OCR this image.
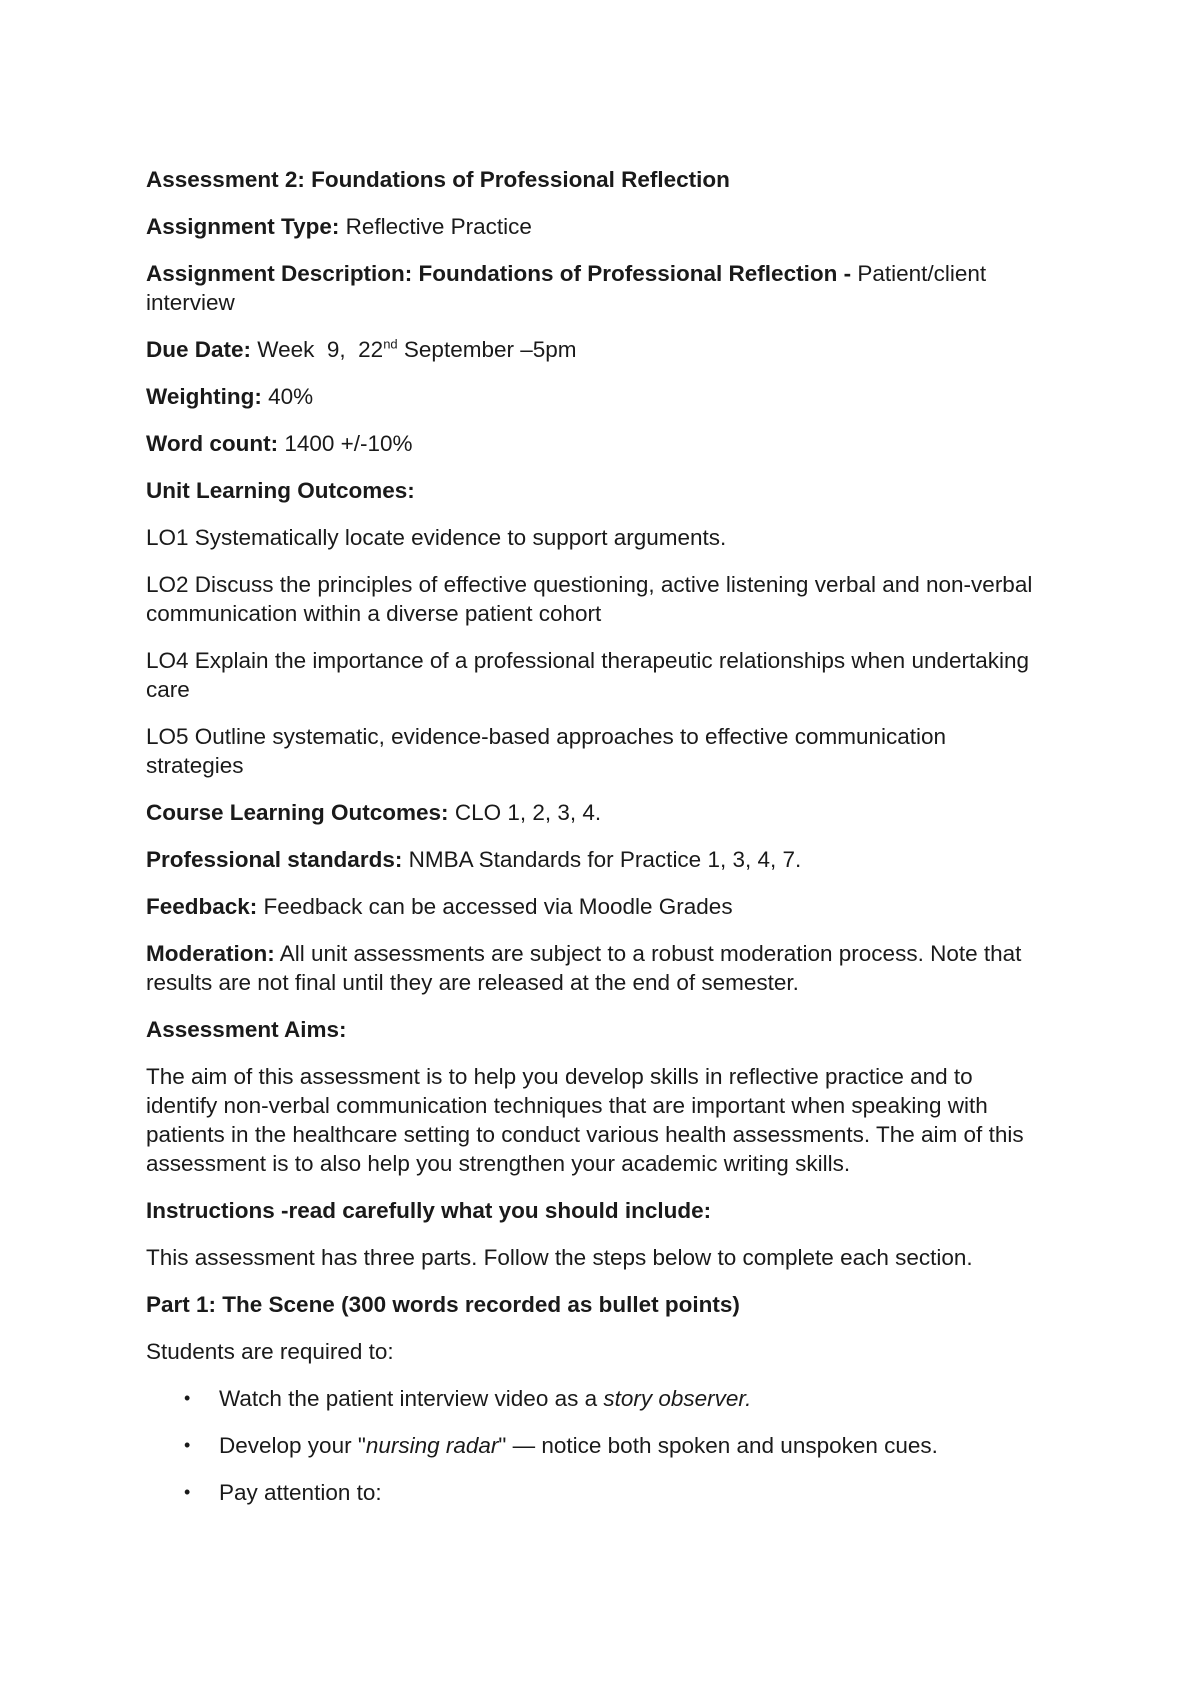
Assessment 2: Foundations of Professional Reflection

Assignment Type: Reflective Practice

Assignment Description: Foundations of Professional Reflection - Patient/client interview

Due Date: Week  9,  22nd September –5pm

Weighting: 40%

Word count: 1400 +/-10%

Unit Learning Outcomes:

LO1 Systematically locate evidence to support arguments.

LO2 Discuss the principles of effective questioning, active listening verbal and non-verbal communication within a diverse patient cohort

LO4 Explain the importance of a professional therapeutic relationships when undertaking care

LO5 Outline systematic, evidence-based approaches to effective communication strategies

Course Learning Outcomes: CLO 1, 2, 3, 4.

Professional standards: NMBA Standards for Practice 1, 3, 4, 7.

Feedback: Feedback can be accessed via Moodle Grades

Moderation: All unit assessments are subject to a robust moderation process. Note that results are not final until they are released at the end of semester.

Assessment Aims:

The aim of this assessment is to help you develop skills in reflective practice and to identify non-verbal communication techniques that are important when speaking with patients in the healthcare setting to conduct various health assessments. The aim of this assessment is to also help you strengthen your academic writing skills.

Instructions -read carefully what you should include:

This assessment has three parts. Follow the steps below to complete each section.

Part 1: The Scene (300 words recorded as bullet points)

Students are required to:

• Watch the patient interview video as a story observer.
• Develop your "nursing radar" — notice both spoken and unspoken cues.
• Pay attention to:
